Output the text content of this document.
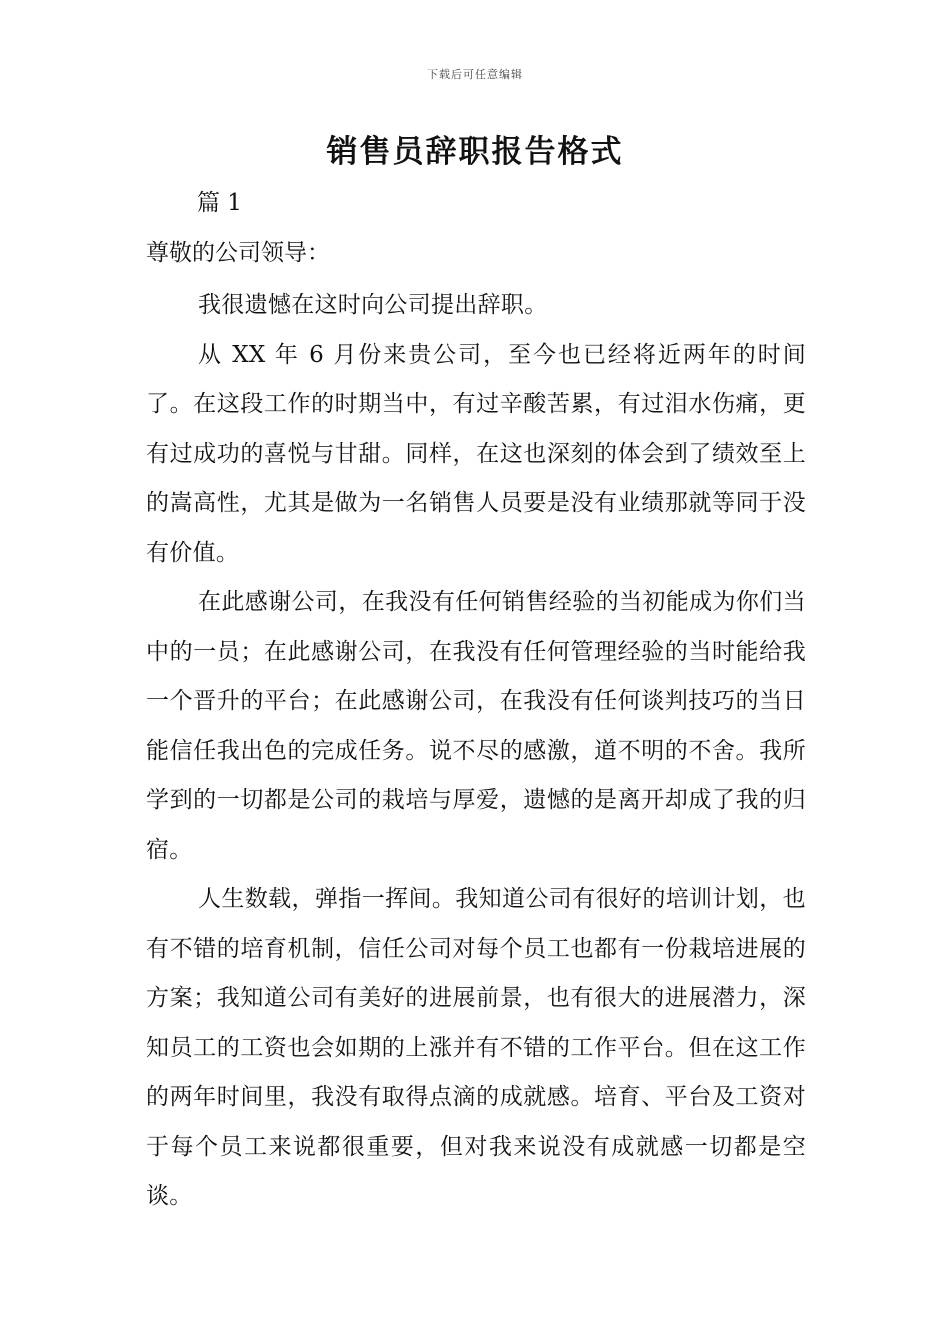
下载后可任意编辑
销售员辞职报告格式
篇 1
尊敬的公司领导：

我很遗憾在这时向公司提出辞职。

从 XX 年 6 月份来贵公司，至今也已经将近两年的时间了。在这段工作的时期当中，有过辛酸苦累，有过泪水伤痛，更有过成功的喜悦与甘甜。同样，在这也深刻的体会到了绩效至上的嵩高性，尤其是做为一名销售人员要是没有业绩那就等同于没有价值。

在此感谢公司，在我没有任何销售经验的当初能成为你们当中的一员；在此感谢公司，在我没有任何管理经验的当时能给我一个晋升的平台；在此感谢公司，在我没有任何谈判技巧的当日能信任我出色的完成任务。说不尽的感激，道不明的不舍。我所学到的一切都是公司的栽培与厚爱，遗憾的是离开却成了我的归宿。

人生数载，弹指一挥间。我知道公司有很好的培训计划，也有不错的培育机制，信任公司对每个员工也都有一份栽培进展的方案；我知道公司有美好的进展前景，也有很大的进展潜力，深知员工的工资也会如期的上涨并有不错的工作平台。但在这工作的两年时间里，我没有取得点滴的成就感。培育、平台及工资对于每个员工来说都很重要，但对我来说没有成就感一切都是空谈。
